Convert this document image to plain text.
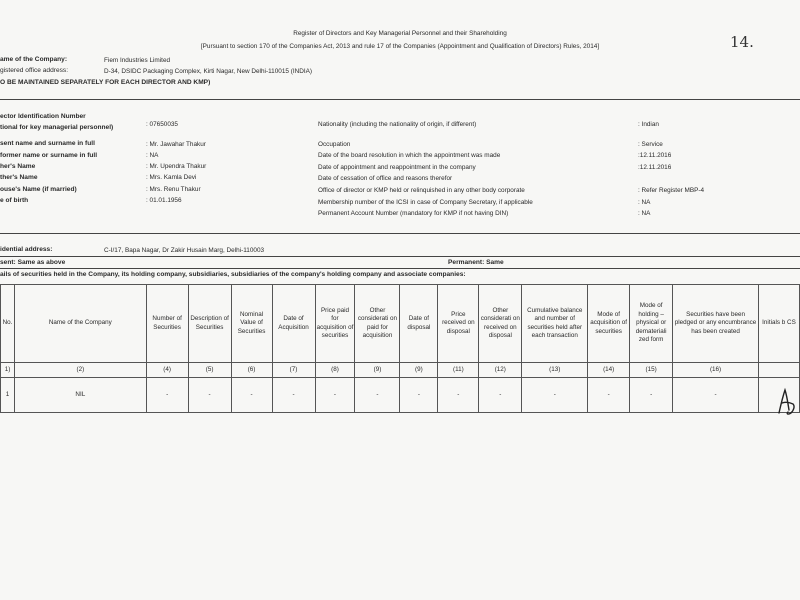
Register of Directors and Key Managerial Personnel and their Shareholding
[Pursuant to section 170 of the Companies Act, 2013 and rule 17 of the Companies (Appointment and Qualification of Directors) Rules, 2014]	14.
ame of the Company:	Fiem Industries Limited
gistered office address:	D-34, DSIDC Packaging Complex, Kirti Nagar, New Delhi-110015 (INDIA)
O BE MAINTAINED SEPARATELY FOR EACH DIRECTOR AND KMP)
ector Identification Number
tional for key managerial personnel)	: 07650035
sent name and surname in full	: Mr. Jawahar Thakur
former name or surname in full	: NA
her's Name	: Mr. Upendra Thakur
ther's Name	: Mrs. Kamla Devi
ouse's Name (if married)	: Mrs. Renu Thakur
e of birth	: 01.01.1956
Nationality (including the nationality of origin, if different)	: Indian
Occupation	: Service
Date of the board resolution in which the appointment was made	:12.11.2016
Date of appointment and reappointment in the company	:12.11.2016
Date of cessation of office and reasons therefor
Office of director or KMP held or relinquished in any other body corporate	: Refer Register MBP-4
Membership number of the ICSI in case of Company Secretary, if applicable	: NA
Permanent Account Number (mandatory for KMP if not having DIN)	: NA
idential address:	C-I/17, Bapa Nagar, Dr Zakir Husain Marg, Delhi-110003
sent: Same as above	Permanent: Same
ails of securities held in the Company, its holding company, subsidiaries, subsidiaries of the company's holding company and associate companies:
No.	Name of the Company	Number of Securities	Description of Securities	Nominal Value of Securities	Date of Acquisition	Price paid for acquisition of securities	Other considerati on paid for acquisition	Date of disposal	Price received on disposal	Other considerati on received on disposal	Cumulative balance and number of securities held after each transaction	Mode of acquisition of securities	Mode of holding – physical or demateriali zed form	Securities have been pledged or any encumbrance has been created	Initials b CS
1)	(2)	(4)	(5)	(6)	(7)	(8)	(9)	(9)	(11)	(12)	(13)	(14)	(15)	(16)	
1	NIL	-	-	-	-	-	-	-	-	-	-	-	-	-	
